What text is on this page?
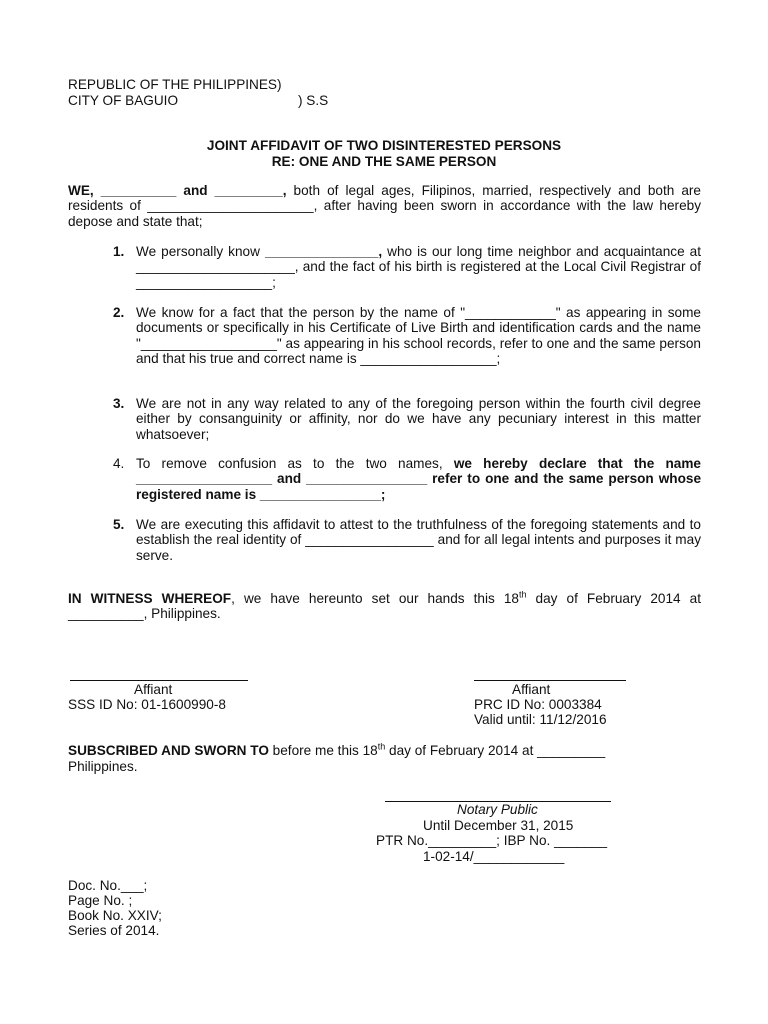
REPUBLIC OF THE PHILIPPINES)
CITY OF BAGUIO	) S.S
JOINT AFFIDAVIT OF TWO DISINTERESTED PERSONS
RE: ONE AND THE SAME PERSON
WE, __________ and _________, both of legal ages, Filipinos, married, respectively and both are residents of ______________________, after having been sworn in accordance with the law hereby depose and state that;
1. We personally know _______________, who is our long time neighbor and acquaintance at _____________________, and the fact of his birth is registered at the Local Civil Registrar of __________________;
2. We know for a fact that the person by the name of "____________" as appearing in some documents or specifically in his Certificate of Live Birth and identification cards and the name "__________________" as appearing in his school records, refer to one and the same person and that his true and correct name is __________________;
3. We are not in any way related to any of the foregoing person within the fourth civil degree either by consanguinity or affinity, nor do we have any pecuniary interest in this matter whatsoever;
4. To remove confusion as to the two names, we hereby declare that the name __________________ and ________________ refer to one and the same person whose registered name is ________________;
5. We are executing this affidavit to attest to the truthfulness of the foregoing statements and to establish the real identity of _________________ and for all legal intents and purposes it may serve.
IN WITNESS WHEREOF, we have hereunto set our hands this 18th day of February 2014 at __________, Philippines.
Affiant
SSS ID No: 01-1600990-8
Affiant
PRC ID No: 0003384
Valid until: 11/12/2016
SUBSCRIBED AND SWORN TO before me this 18th day of February 2014 at _________
Philippines.
Notary Public
Until December 31, 2015
PTR No._________; IBP No. _______
1-02-14/____________
Doc. No.___;
Page No. ;
Book No. XXIV;
Series of 2014.
